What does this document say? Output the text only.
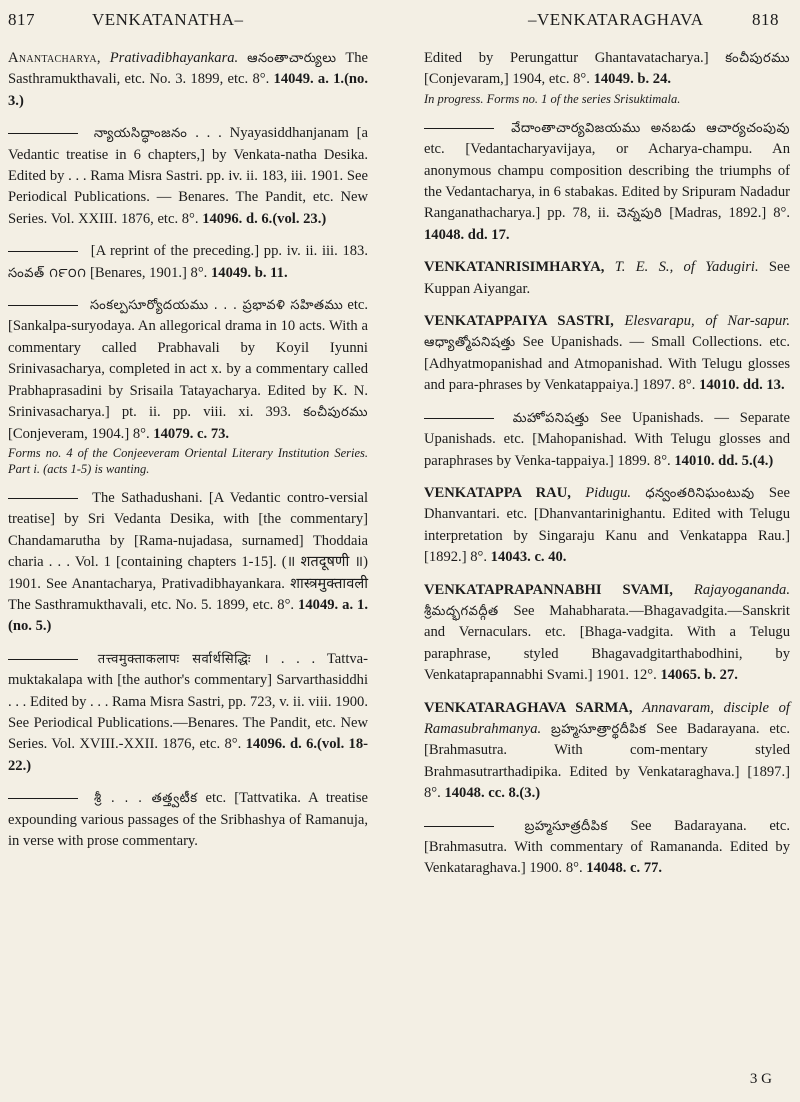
817	VENKATANATHA–	–VENKATARAGHAVA	818
Anantacharya, Prativadibhayankara. ఆనంతాచార్యులు The Sasthramukthavali, etc. No. 3. 1899, etc. 8°. 14049. a. 1.(no. 3.)
న్యాయసిద్ధాంజనం . . . Nyayasiddhanjanam [a Vedantic treatise in 6 chapters,] by Venkata-natha Desika. Edited by . . . Rama Misra Sastri. pp. iv. ii. 183, iii. 1901. See Periodical Publications. — Benares. The Pandit, etc. New Series. Vol. XXIII. 1876, etc. 8°. 14096. d. 6.(vol. 23.)
[A reprint of the preceding.] pp. iv. ii. iii. 183. సంవత్ ౧౯౦౧ [Benares, 1901.] 8°. 14049. b. 11.
సంకల్పసూర్యోదయము . . . ప్రభావళి సహితము etc. [Sankalpa-suryodaya. An allegorical drama in 10 acts. With a commentary called Prabhavali by Koyil Iyunni Srinivasacharya, completed in act x. by a commentary called Prabhaprasadini by Srisaila Tatayacharya. Edited by K. N. Srinivasacharya.] pt. ii. pp. viii. xi. 393. కంచీపురము [Conjeveram, 1904.] 8°. 14079. c. 73.
Forms no. 4 of the Conjeeveram Oriental Literary Institution Series. Part i. (acts 1-5) is wanting.
The Sathadushani. [A Vedantic contro-versial treatise] by Sri Vedanta Desika, with [the commentary] Chandamarutha by [Rama-nujadasa, surnamed] Thoddaia charia . . . Vol. 1 [containing chapters 1-15]. (॥ शतदूषणी ॥) 1901. See Anantacharya, Prativadibhayankara. शास्त्रमुक्तावली The Sasthramukthavali, etc. No. 5. 1899, etc. 8°. 14049. a. 1.(no. 5.)
तत्त्वमुक्ताकलापः सर्वार्थसिद्धिः । . . . Tattva-muktakalapa with [the author's commentary] Sarvarthasiddhi . . . Edited by . . . Rama Misra Sastri, pp. 723, v. ii. viii. 1900. See Periodical Publications.—Benares. The Pandit, etc. New Series. Vol. XVIII.-XXII. 1876, etc. 8°. 14096. d. 6.(vol. 18-22.)
శ్రీ . . . తత్త్వటీక etc. [Tattvatika. A treatise expounding various passages of the Sribhashya of Ramanuja, in verse with prose commentary.
Edited by Perungattur Ghantavatacharya.] కంచీపురము [Conjevaram,] 1904, etc. 8°. 14049. b. 24.
In progress. Forms no. 1 of the series Srisuktimala.
వేదాంతాచార్యవిజయము అనబడు ఆచార్యచంపువు etc. [Vedantacharyavijaya, or Acharya-champu. An anonymous champu composition describing the triumphs of the Vedantacharya, in 6 stabakas. Edited by Sripuram Nadadur Ranganathacharya.] pp. 78, ii. చెన్నపురి [Madras, 1892.] 8°. 14048. dd. 17.
VENKATANRISIMHARYA, T. E. S., of Yadugiri. See Kuppan Aiyangar.
VENKATAPPAIYA SASTRI, Elesvarapu, of Nar-sapur. ఆధ్యాత్మోపనిషత్తు See Upanishads. — Small Collections. etc. [Adhyatmopanishad and Atmopanishad. With Telugu glosses and para-phrases by Venkatappaiya.] 1897. 8°. 14010. dd. 13.
మహోపనిషత్తు See Upanishads. — Separate Upanishads. etc. [Mahopanishad. With Telugu glosses and paraphrases by Venka-tappaiya.] 1899. 8°. 14010. dd. 5.(4.)
VENKATAPPA RAU, Pidugu. ధన్వంతరినిఘంటువు See Dhanvantari. etc. [Dhanvantarinighantu. Edited with Telugu interpretation by Singaraju Kanu and Venkatappa Rau.] [1892.] 8°. 14043. c. 40.
VENKATAPRAPANNABHI SVAMI, Rajayogananda. శ్రీమద్భగవద్గీత See Mahabharata.—Bhagavadgita.—Sanskrit and Vernaculars. etc. [Bhaga-vadgita. With a Telugu paraphrase, styled Bhagavadgitarthabodhini, by Venkataprapannabhi Svami.] 1901. 12°. 14065. b. 27.
VENKATARAGHAVA SARMA, Annavaram, disciple of Ramasubrahmanya. బ్రహ్మసూత్రార్థదీపిక See Badarayana. etc. [Brahmasutra. With com-mentary styled Brahmasutrarthadipika. Edited by Venkataraghava.] [1897.] 8°. 14048. cc. 8.(3.)
బ్రహ్మసూత్రదీపిక See Badarayana. etc. [Brahmasutra. With commentary of Ramananda. Edited by Venkataraghava.] 1900. 8°. 14048. c. 77.
3 G
